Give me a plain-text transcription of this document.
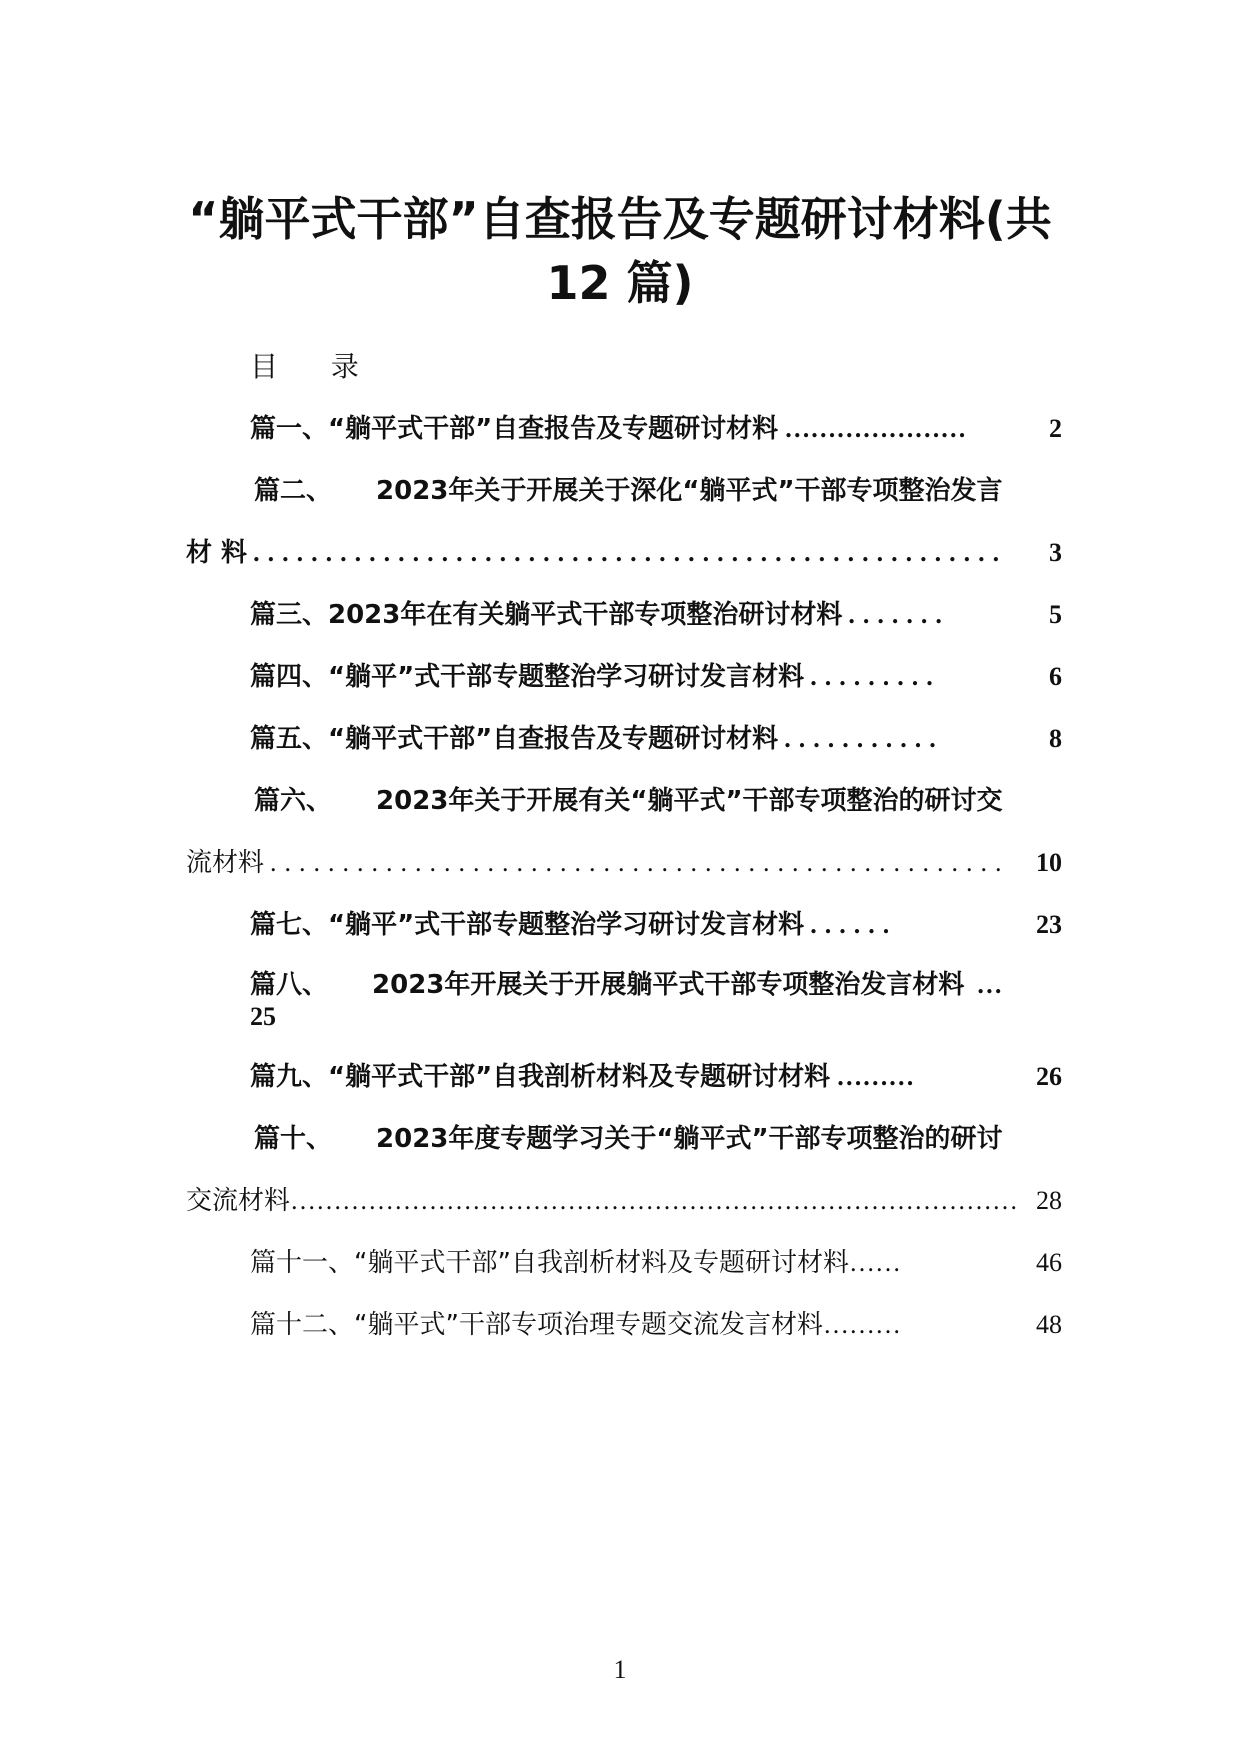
“躺平式干部”自查报告及专题研讨材料(共
12 篇)
目 录
篇一、“躺平式干部”自查报告及专题研讨材料 …………………	2
篇二、 2023年关于开展关于深化“躺平式”干部专项整治发言
材 料 ....................................................	3
篇三、2023年在有关躺平式干部专项整治研讨材料 .......	5
篇四、“躺平”式干部专题整治学习研讨发言材料 .........	6
篇五、“躺平式干部”自查报告及专题研讨材料 ...........	8
篇六、 2023年关于开展有关“躺平式”干部专项整治的研讨交
流材料 ...................................................	10
篇七、“躺平”式干部专题整治学习研讨发言材料 ......	23
篇八、 2023年开展关于开展躺平式干部专项整治发言材料 …
25
篇九、“躺平式干部”自我剖析材料及专题研讨材料 ………	26
篇十、 2023年度专题学习关于“躺平式”干部专项整治的研讨
交流材料 ………………………………………………………………………… 28
篇十一、“躺平式干部”自我剖析材料及专题研讨材料 ……	46
篇十二、“躺平式”干部专项治理专题交流发言材料 ………	48
1
